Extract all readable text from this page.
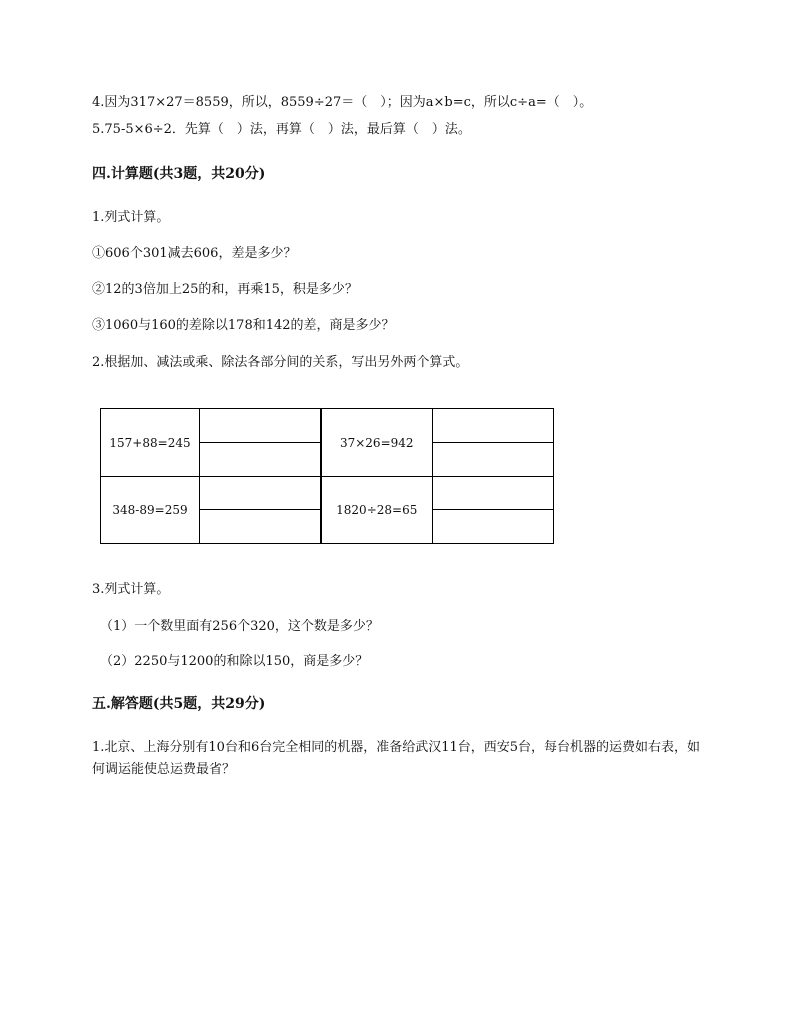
4.因为317×27＝8559，所以，8559÷27＝（　）；因为a×b=c，所以c÷a=（　）。
5.75-5×6÷2．先算（　）法，再算（　）法，最后算（　）法。
四.计算题(共3题，共20分)
1.列式计算。
①606个301减去606，差是多少？
②12的3倍加上25的和，再乘15，积是多少？
③1060与160的差除以178和142的差，商是多少？
2.根据加、减法或乘、除法各部分间的关系，写出另外两个算式。
157+88=245		37×26=942	

348-89=259		1820÷28=65	

3.列式计算。
（1）一个数里面有256个320，这个数是多少？
（2）2250与1200的和除以150，商是多少？
五.解答题(共5题，共29分)
1.北京、上海分别有10台和6台完全相同的机器，准备给武汉11台，西安5台，每台机器的运费如右表，如何调运能使总运费最省？
